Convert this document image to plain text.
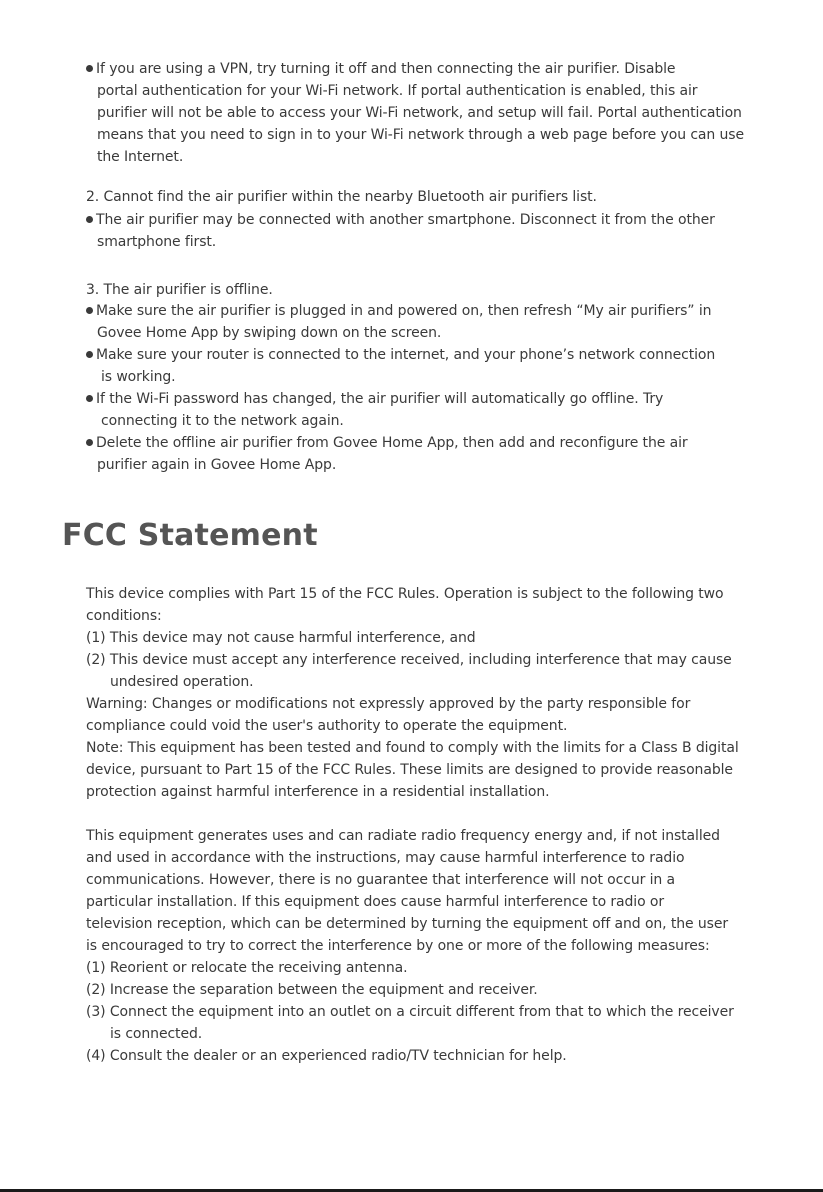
If you are using a VPN, try turning it off and then connecting the air purifier. Disable
portal authentication for your Wi-Fi network. If portal authentication is enabled, this air
purifier will not be able to access your Wi-Fi network, and setup will fail. Portal authentication
means that you need to sign in to your Wi-Fi network through a web page before you can use
the Internet.
2. Cannot find the air purifier within the nearby Bluetooth air purifiers list.
The air purifier may be connected with another smartphone. Disconnect it from the other
smartphone first.
3. The air purifier is offline.
Make sure the air purifier is plugged in and powered on, then refresh “My air purifiers” in
Govee Home App by swiping down on the screen.
Make sure your router is connected to the internet, and your phone’s network connection
is working.
If the Wi-Fi password has changed, the air purifier will automatically go offline. Try
connecting it to the network again.
Delete the offline air purifier from Govee Home App, then add and reconfigure the air
purifier again in Govee Home App.
FCC Statement
This device complies with Part 15 of the FCC Rules. Operation is subject to the following two
conditions:
(1) This device may not cause harmful interference, and
(2) This device must accept any interference received, including interference that may cause
undesired operation.
Warning: Changes or modifications not expressly approved by the party responsible for
compliance could void the user's authority to operate the equipment.
Note: This equipment has been tested and found to comply with the limits for a Class B digital
device, pursuant to Part 15 of the FCC Rules. These limits are designed to provide reasonable
protection against harmful interference in a residential installation.
This equipment generates uses and can radiate radio frequency energy and, if not installed
and used in accordance with the instructions, may cause harmful interference to radio
communications. However, there is no guarantee that interference will not occur in a
particular installation. If this equipment does cause harmful interference to radio or
television reception, which can be determined by turning the equipment off and on, the user
is encouraged to try to correct the interference by one or more of the following measures:
(1) Reorient or relocate the receiving antenna.
(2) Increase the separation between the equipment and receiver.
(3) Connect the equipment into an outlet on a circuit different from that to which the receiver
is connected.
(4) Consult the dealer or an experienced radio/TV technician for help.
